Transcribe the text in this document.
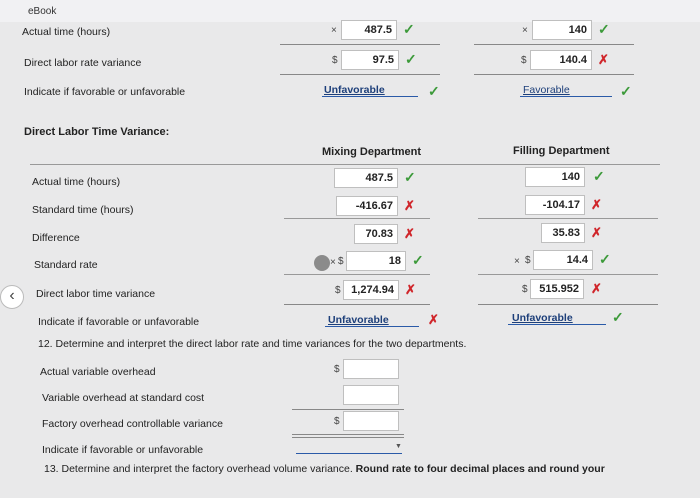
eBook
Actual time (hours)	×	487.5 ✓	×	140 ✓
Direct labor rate variance	$	97.5 ✓	$	140.4 ✗
Indicate if favorable or unfavorable	Unfavorable	✓	Favorable	✓
Direct Labor Time Variance:
Mixing Department	Filling Department
Actual time (hours)	487.5 ✓	140 ✓
Standard time (hours)	-416.67 ✗	-104.17 ✗
Difference	70.83 ✗	35.83 ✗
Standard rate	× $	18 ✓	× $	14.4 ✓
‹	Direct labor time variance	$ 1,274.94 ✗	$	515.952 ✗
Indicate if favorable or unfavorable	Unfavorable	✗	Unfavorable	✓
12. Determine and interpret the direct labor rate and time variances for the two departments.
Actual variable overhead	$
Variable overhead at standard cost
Factory overhead controllable variance	$
Indicate if favorable or unfavorable	▼
13. Determine and interpret the factory overhead volume variance. Round rate to four decimal places and round your
